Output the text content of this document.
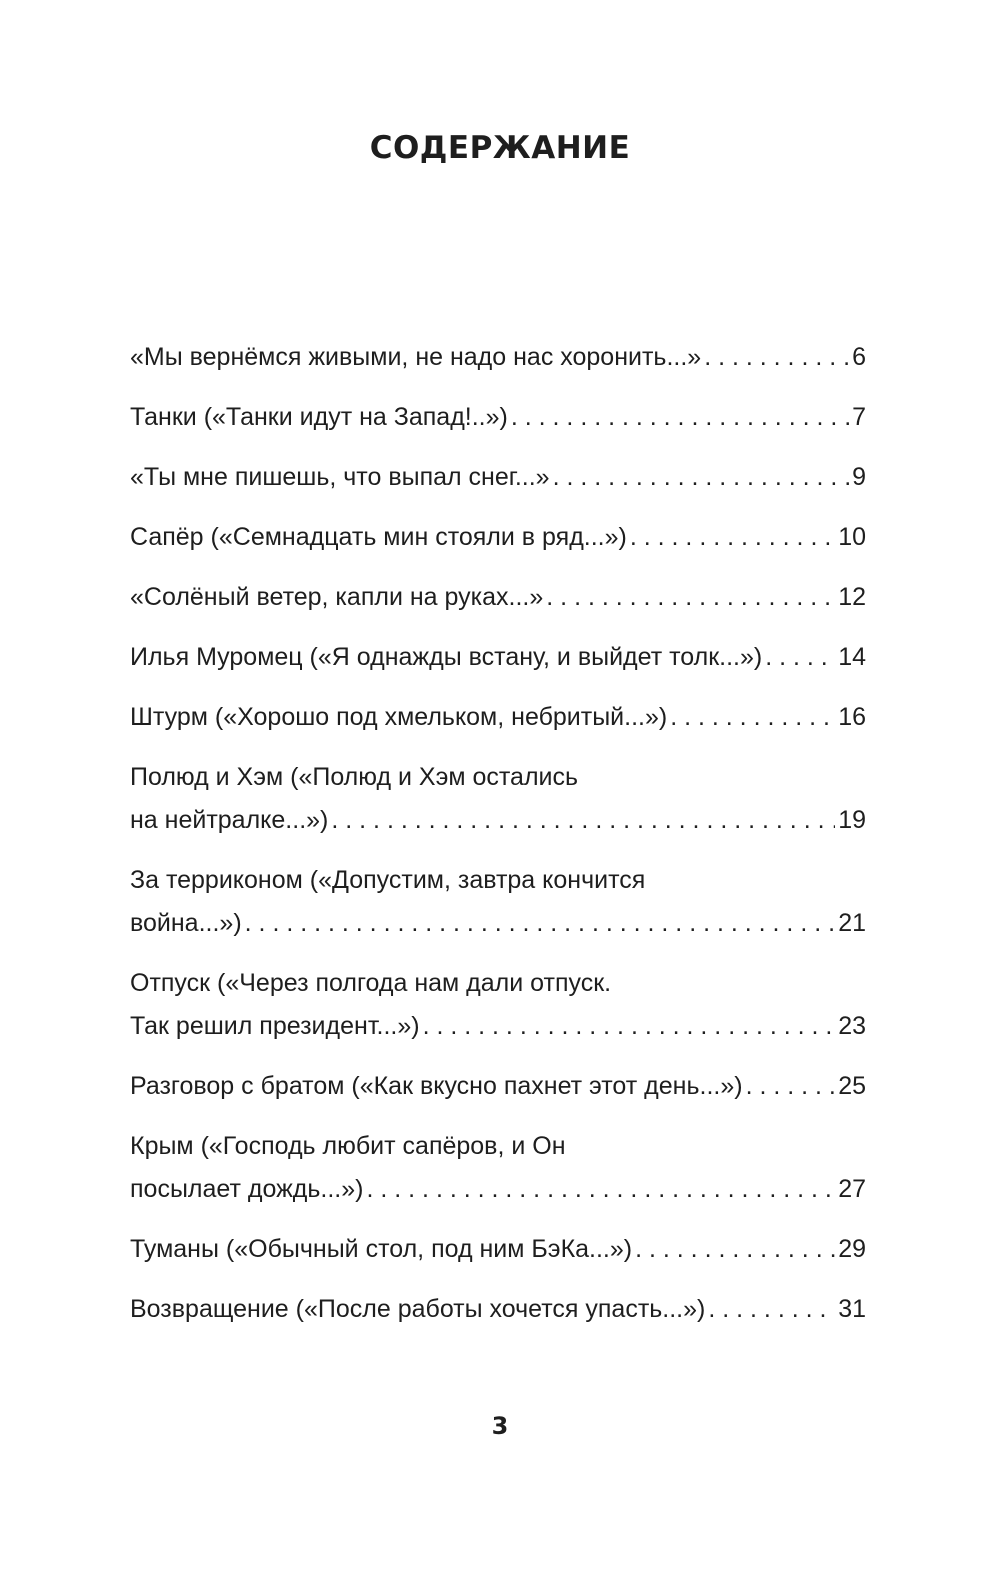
СОДЕРЖАНИЕ
«Мы вернёмся живыми, не надо нас хоронить...» . . .	6
Танки («Танки идут на Запад!..») . . .	7
«Ты мне пишешь, что выпал снег...» . . .	9
Сапёр («Семнадцать мин стояли в ряд...») . . .	10
«Солёный ветер, капли на руках...» . . .	12
Илья Муромец («Я однажды встану, и выйдет толк...») . . .	14
Штурм («Хорошо под хмельком, небритый...») . . .	16
Полюд и Хэм («Полюд и Хэм остались
на нейтралке...») . . .	19
За терриконом («Допустим, завтра кончится
война...») . . .	21
Отпуск («Через полгода нам дали отпуск.
Так решил президент...») . . .	23
Разговор с братом («Как вкусно пахнет этот день...») . . .	25
Крым («Господь любит сапёров, и Он
посылает дождь...») . . .	27
Туманы («Обычный стол, под ним БэКа...») . . .	29
Возвращение («После работы хочется упасть...») . . .	31
3
